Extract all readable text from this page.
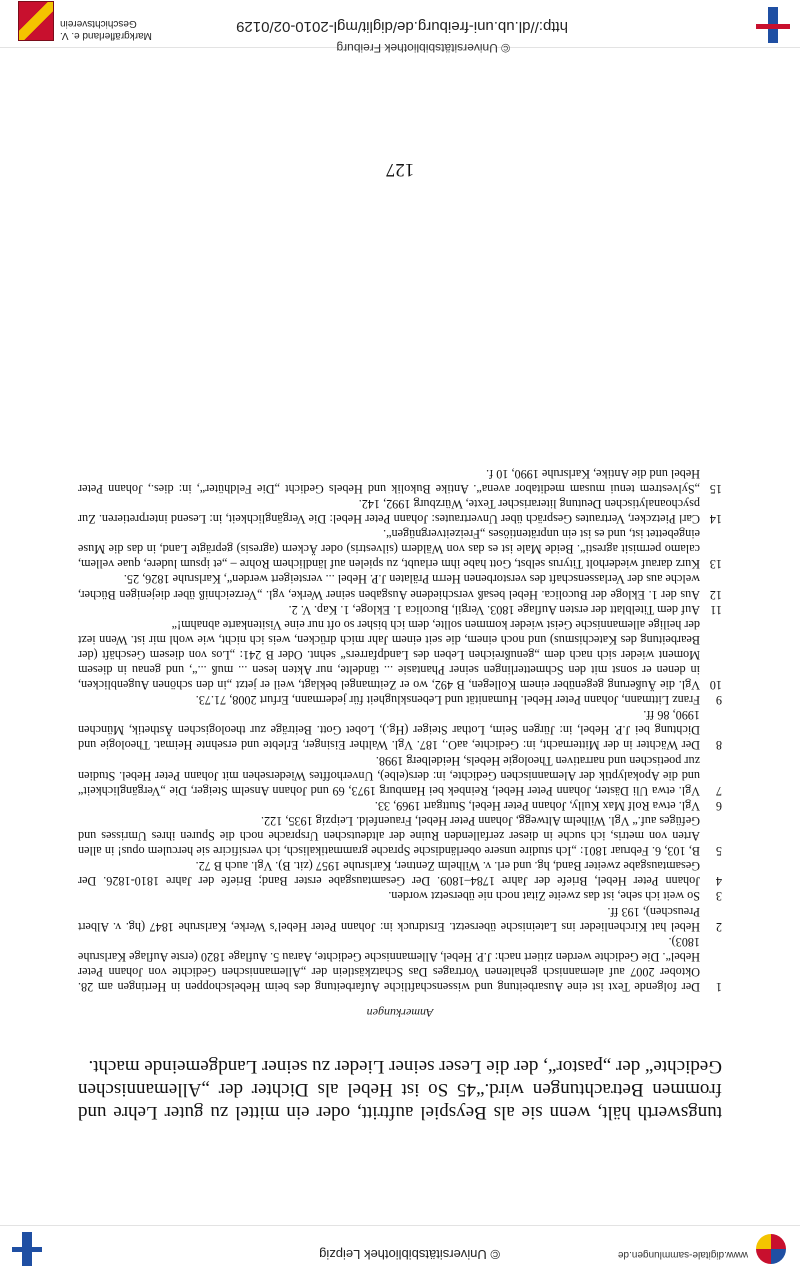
www.digitale-sammlungen.de
© Universitätsbibliothek Leipzig

tungswerth hält, wenn sie als Beyspiel auftritt, oder ein mittel zu guter Lehre und frommen Betrachtungen wird.“45 So ist Hebel als Dichter der „Allemannischen Gedichte“ der „pastor“, der die Leser seiner Lieder zu seiner Landgemeinde macht.

Anmerkungen
1
Der folgende Text ist eine Ausarbeitung und wissenschaftliche Aufarbeitung des beim Hebelschoppen in Hertingen am 28. Oktober 2007 auf alemannisch gehaltenen Vortrages Das Schatzkästlein der „Allemannischen Gedichte von Johann Peter Hebel“. Die Gedichte werden zitiert nach: J.P. Hebel, Allemannische Gedichte, Aarau 5. Auflage 1820 (erste Auflage Karlsruhe 1803).
2
Hebel hat Kirchenlieder ins Lateinische übersetzt. Erstdruck in: Johann Peter Hebel’s Werke, Karlsruhe 1847 (hg. v. Albert Preuschen), 193 ff.
3
So weit ich sehe, ist das zweite Zitat noch nie übersetzt worden.
4
Johann Peter Hebel, Briefe der Jahre 1784–1809. Der Gesamtausgabe erster Band; Briefe der Jahre 1810-1826. Der Gesamtausgabe zweiter Band, hg. und erl. v. Wilhelm Zentner, Karlsruhe 1957 (zit. B). Vgl. auch B 72.
5
B, 103, 6. Februar 1801: „Ich studire unsere oberländische Sprache grammatikalisch, ich versificire sie herculem opus! in allen Arten von metris, ich suche in dieser zerfallenden Ruine der altdeutschen Ursprache noch die Spuren ihres Umrisses und Gefüges auf.“ Vgl. Wilhelm Altwegg, Johann Peter Hebel, Frauenfeld. Leipzig 1935, 122.
6
Vgl. etwa Rolf Max Kully, Johann Peter Hebel, Stuttgart 1969, 33.
7
Vgl. etwa Uli Däster, Johann Peter Hebel, Reinbek bei Hamburg 1973, 69 und Johann Anselm Steiger, Die „Vergänglichkeit“ und die Apokalyptik der Alemannischen Gedichte, in: ders(elbe), Unverhofftes Wiedersehen mit Johann Peter Hebel. Studien zur poetischen und narrativen Theologie Hebels, Heidelberg 1998.
8
Der Wächter in der Mitternacht, in: Gedichte, aaO., 187. Vgl. Walther Eisinger, Erlebte und ersehnte Heimat. Theologie und Dichtung bei J.P. Hebel, in: Jürgen Seim, Lothar Steiger (Hg.), Lobet Gott. Beiträge zur theologischen Ästhetik, München 1990, 86 ff.
9
Franz Littmann, Johann Peter Hebel. Humanität und Lebensklugheit für jedermann, Erfurt 2008, 71.73.
10
Vgl. die Äußerung gegenüber einem Kollegen, B 492, wo er Zeitmangel beklagt, weil er jetzt „in den schönen Augenblicken, in denen er sonst mit den Schmetterlingen seiner Phantasie ... tändelte, nur Akten lesen ... muß ...“, und genau in diesem Moment wieder sich nach dem „genußreichen Leben des Landpfarrers“ sehnt. Oder B 241: „Los von diesem Geschäft (der Bearbeitung des Katechismus) und noch einem, die seit einem Jahr mich drücken, weis ich nicht, wie wohl mir ist. Wenn iezt der heilige allemannische Geist wieder kommen sollte, dem ich bisher so oft nur eine Visitenkarte abnahm!“
11
Auf dem Titelblatt der ersten Auflage 1803. Vergil, Bucolica 1. Ekloge, 1. Kap. V. 2.
12
Aus der 1. Ekloge der Bucolica. Hebel besaß verschiedene Ausgaben seiner Werke, vgl. „Verzeichniß über diejenigen Bücher, welche aus der Verlassenschaft des verstorbenen Herrn Prälaten J.P. Hebel ... versteigert werden“, Karlsruhe 1826, 25.
13
Kurz darauf wiederholt Tityrus selbst, Gott habe ihm erlaubt, zu spielen auf ländlichem Rohre – „et ipsum ludere, quae vellem, calamo permisit agresti“. Beide Male ist es das von Wäldern (silvestris) oder Äckern (agresis) geprägte Land, in das die Muse eingebettet ist, und es ist ein unprätentiöses „Freizeitvergnügen“.
14
Carl Pietzcker, Vertrautes Gespräch über Unvertrautes: Johann Peter Hebel: Die Vergänglichkeit, in: Lesend interpretieren. Zur psychoanalytischen Deutung literarischer Texte, Würzburg 1992, 142.
15
„Sylvestrem tenui musam meditabor avena“. Antike Bukolik und Hebels Gedicht „Die Feldhüter“, in: dies., Johann Peter Hebel und die Antike, Karlsruhe 1990, 10 f.
127
© Universitätsbibliothek Freiburg
http://dl.ub.uni-freiburg.de/diglit/mgl-2010-02/0129
Markgräflerland e. V.
Geschichtsverein
